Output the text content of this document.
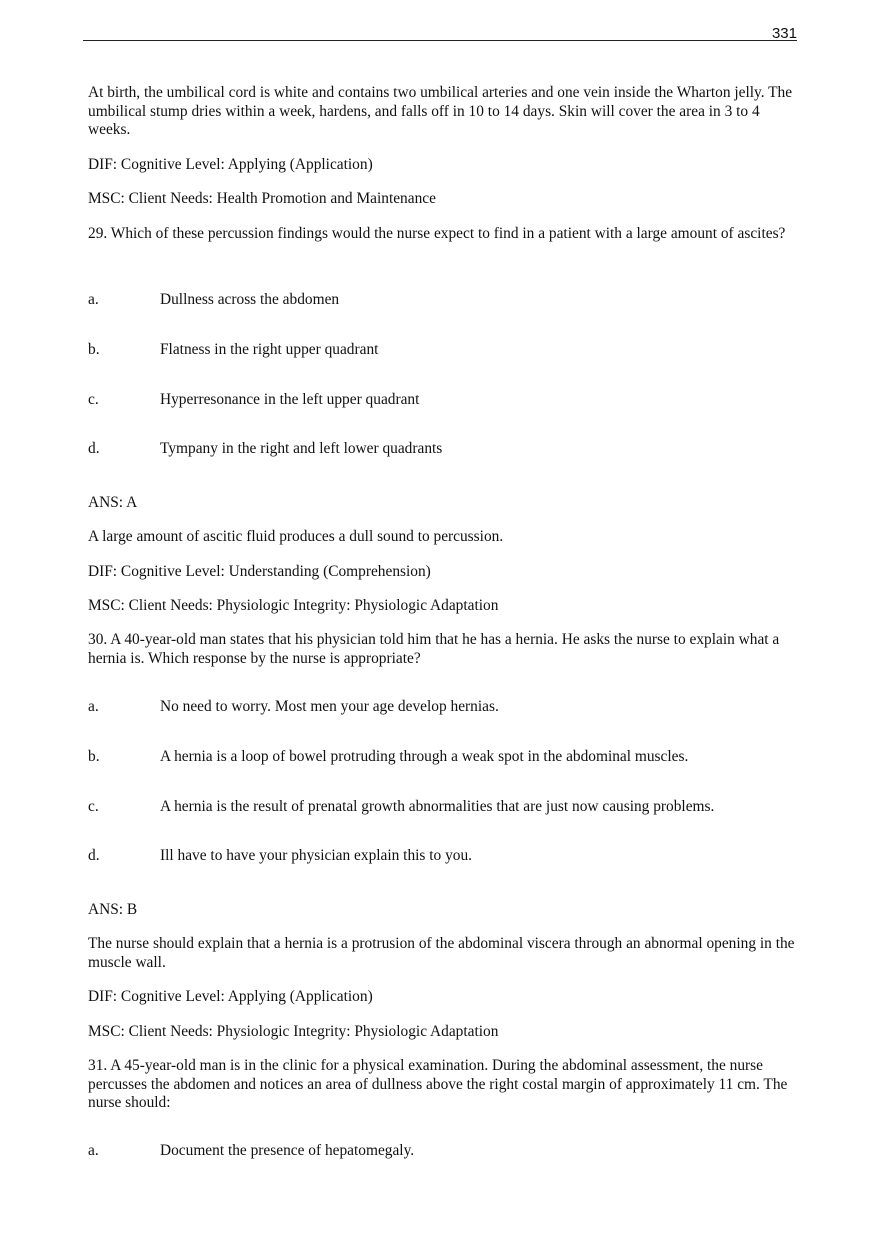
331
At birth, the umbilical cord is white and contains two umbilical arteries and one vein inside the Wharton jelly. The umbilical stump dries within a week, hardens, and falls off in 10 to 14 days. Skin will cover the area in 3 to 4 weeks.
DIF: Cognitive Level: Applying (Application)
MSC: Client Needs: Health Promotion and Maintenance
29. Which of these percussion findings would the nurse expect to find in a patient with a large amount of ascites?
a.	Dullness across the abdomen
b.	Flatness in the right upper quadrant
c.	Hyperresonance in the left upper quadrant
d.	Tympany in the right and left lower quadrants
ANS: A
A large amount of ascitic fluid produces a dull sound to percussion.
DIF: Cognitive Level: Understanding (Comprehension)
MSC: Client Needs: Physiologic Integrity: Physiologic Adaptation
30. A 40-year-old man states that his physician told him that he has a hernia. He asks the nurse to explain what a hernia is. Which response by the nurse is appropriate?
a.	No need to worry. Most men your age develop hernias.
b.	A hernia is a loop of bowel protruding through a weak spot in the abdominal muscles.
c.	A hernia is the result of prenatal growth abnormalities that are just now causing problems.
d.	Ill have to have your physician explain this to you.
ANS: B
The nurse should explain that a hernia is a protrusion of the abdominal viscera through an abnormal opening in the muscle wall.
DIF: Cognitive Level: Applying (Application)
MSC: Client Needs: Physiologic Integrity: Physiologic Adaptation
31. A 45-year-old man is in the clinic for a physical examination. During the abdominal assessment, the nurse percusses the abdomen and notices an area of dullness above the right costal margin of approximately 11 cm. The nurse should:
a.	Document the presence of hepatomegaly.
